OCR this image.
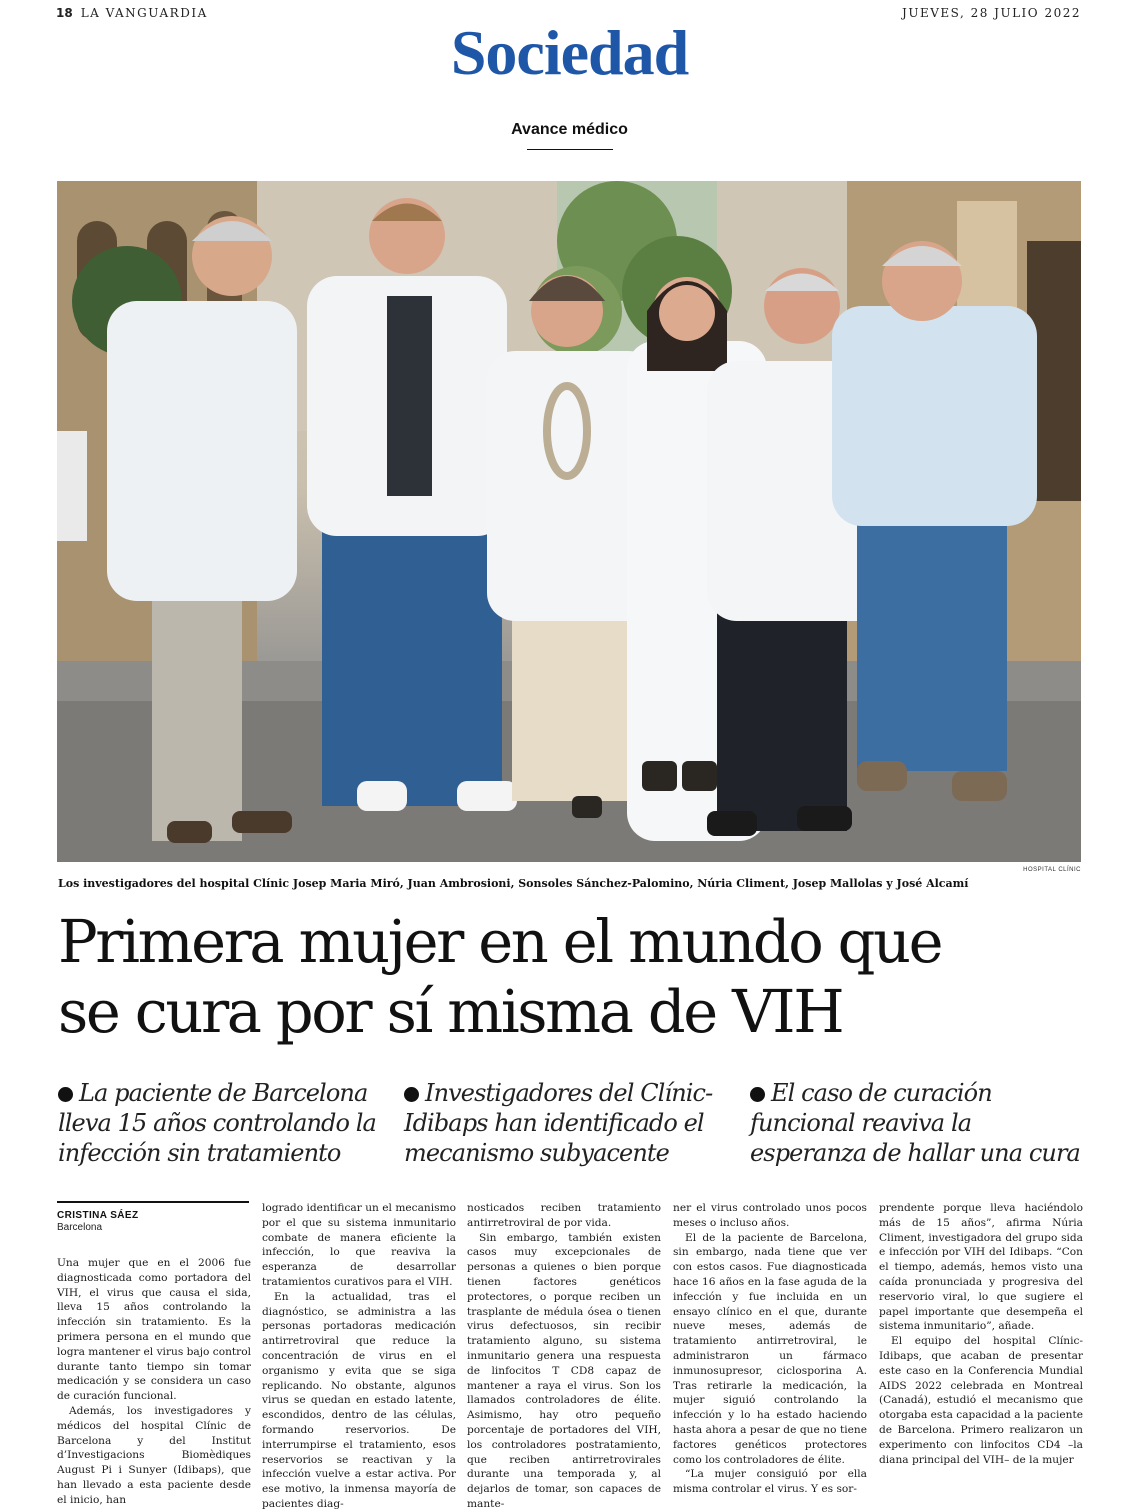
18 LA VANGUARDIA	JUEVES, 28 JULIO 2022
Sociedad
Avance médico
HOSPITAL CLÍNIC
Los investigadores del hospital Clínic Josep Maria Miró, Juan Ambrosioni, Sonsoles Sánchez-Palomino, Núria Climent, Josep Mallolas y José Alcamí
Primera mujer en el mundo que
se cura por sí misma de VIH
La paciente de Barcelona lleva 15 años controlando la infección sin tratamiento
Investigadores del Clínic-Idibaps han identificado el mecanismo subyacente
El caso de curación funcional reaviva la esperanza de hallar una cura
CRISTINA SÁEZ
Barcelona

Una mujer que en el 2006 fue diagnosticada como portadora del VIH, el virus que causa el sida, lleva 15 años controlando la infección sin tratamiento. Es la primera persona en el mundo que logra mantener el virus bajo control durante tanto tiempo sin tomar medicación y se considera un caso de curación funcional.

Además, los investigadores y médicos del hospital Clínic de Barcelona y del Institut d’Investigacions Biomèdiques August Pi i Sunyer (Idibaps), que han llevado a esta paciente desde el inicio, han

logrado identificar un el mecanismo por el que su sistema inmunitario combate de manera eficiente la infección, lo que reaviva la esperanza de desarrollar tratamientos curativos para el VIH.

En la actualidad, tras el diagnóstico, se administra a las personas portadoras medicación antirretroviral que reduce la concentración de virus en el organismo y evita que se siga replicando. No obstante, algunos virus se quedan en estado latente, escondidos, dentro de las células, formando reservorios. De interrumpirse el tratamiento, esos reservorios se reactivan y la infección vuelve a estar activa. Por ese motivo, la inmensa mayoría de pacientes diag-

nosticados reciben tratamiento antirretroviral de por vida.

Sin embargo, también existen casos muy excepcionales de personas a quienes o bien porque tienen factores genéticos protectores, o porque reciben un trasplante de médula ósea o tienen virus defectuosos, sin recibir tratamiento alguno, su sistema inmunitario genera una respuesta de linfocitos T CD8 capaz de mantener a raya el virus. Son los llamados controladores de élite. Asimismo, hay otro pequeño porcentaje de portadores del VIH, los controladores postratamiento, que reciben antirretrovirales durante una temporada y, al dejarlos de tomar, son capaces de mante-

ner el virus controlado unos pocos meses o incluso años.

El de la paciente de Barcelona, sin embargo, nada tiene que ver con estos casos. Fue diagnosticada hace 16 años en la fase aguda de la infección y fue incluida en un ensayo clínico en el que, durante nueve meses, además de tratamiento antirretroviral, le administraron un fármaco inmunosupresor, ciclosporina A. Tras retirarle la medicación, la mujer siguió controlando la infección y lo ha estado haciendo hasta ahora a pesar de que no tiene factores genéticos protectores como los controladores de élite.

“La mujer consiguió por ella misma controlar el virus. Y es sor-

prendente porque lleva haciéndolo más de 15 años”, afirma Núria Climent, investigadora del grupo sida e infección por VIH del Idibaps. “Con el tiempo, además, hemos visto una caída pronunciada y progresiva del reservorio viral, lo que sugiere el papel importante que desempeña el sistema inmunitario”, añade.

El equipo del hospital Clínic-Idibaps, que acaban de presentar este caso en la Conferencia Mundial AIDS 2022 celebrada en Montreal (Canadá), estudió el mecanismo que otorgaba esta capacidad a la paciente de Barcelona. Primero realizaron un experimento con linfocitos CD4 –la diana principal del VIH– de la mujer
